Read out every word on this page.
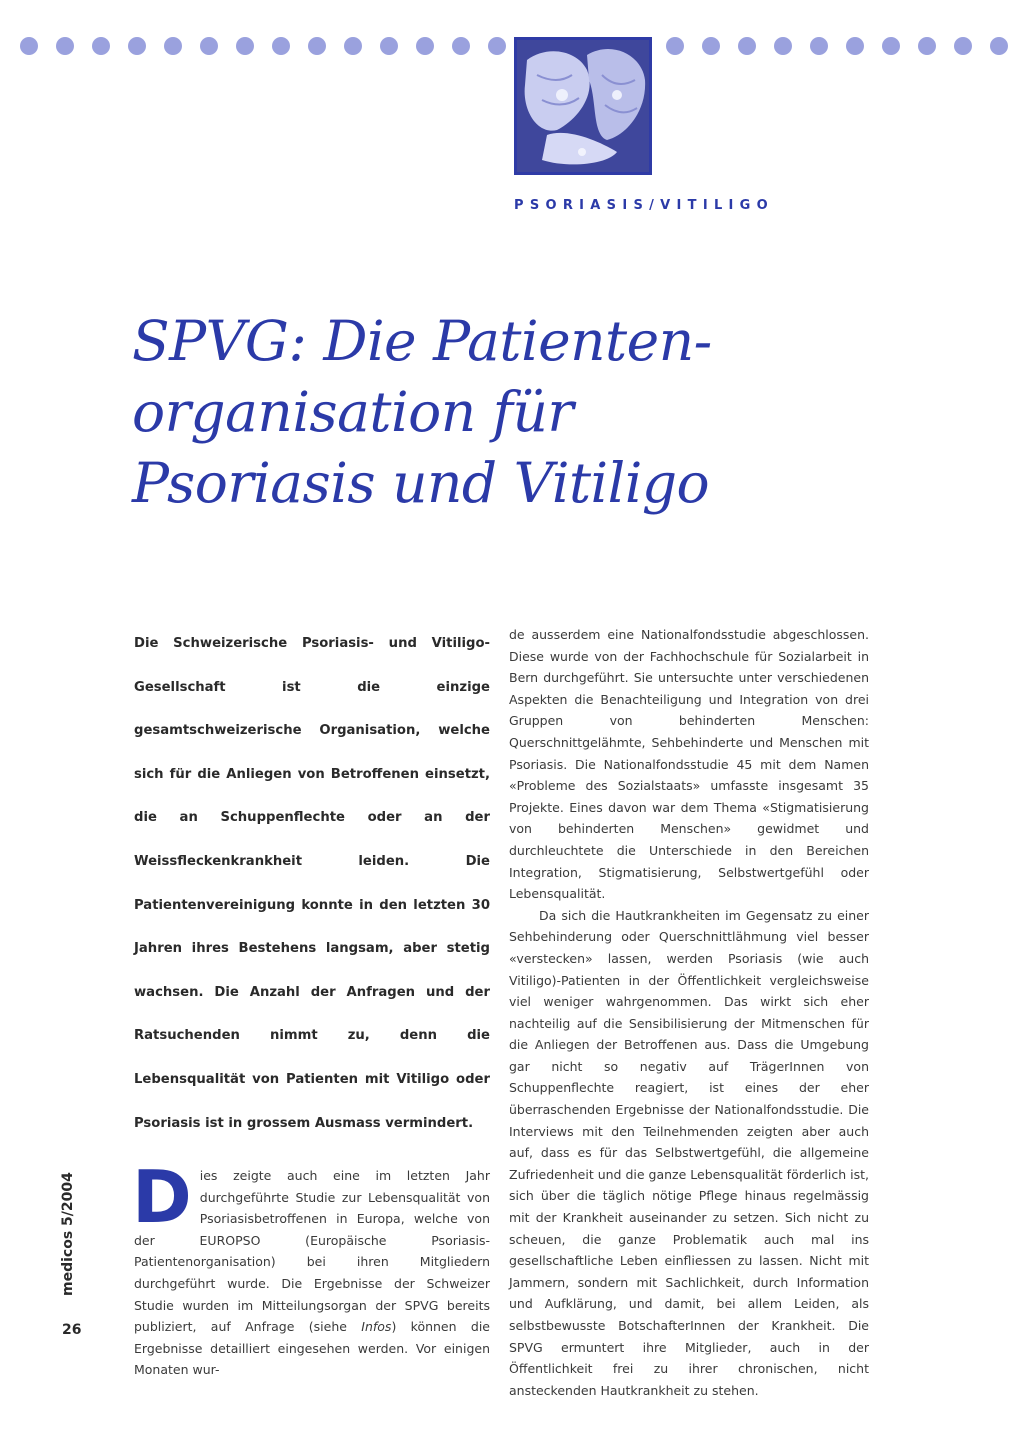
PSORIASIS/VITILIGO
SPVG: Die Patienten-
organisation für
Psoriasis und Vitiligo

Die Schweizerische Psoriasis- und Vitiligo-Gesellschaft ist die einzige gesamtschweizerische Organisation, welche sich für die Anliegen von Betroffenen einsetzt, die an Schuppenflechte oder an der Weissfleckenkrankheit leiden. Die Patientenvereinigung konnte in den letzten 30 Jahren ihres Bestehens langsam, aber stetig wachsen. Die Anzahl der Anfragen und der Ratsuchenden nimmt zu, denn die Lebensqualität von Patienten mit Vitiligo oder Psoriasis ist in grossem Ausmass vermindert.

Dies zeigte auch eine im letzten Jahr durchgeführte Studie zur Lebensqualität von Psoriasisbetroffenen in Europa, welche von der EUROPSO (Europäische Psoriasis-Patientenorganisation) bei ihren Mitgliedern durchgeführt wurde. Die Ergebnisse der Schweizer Studie wurden im Mitteilungsorgan der SPVG bereits publiziert, auf Anfrage (siehe Infos) können die Ergebnisse detailliert eingesehen werden. Vor einigen Monaten wur-

de ausserdem eine Nationalfondsstudie abgeschlossen. Diese wurde von der Fachhochschule für Sozialarbeit in Bern durchgeführt. Sie untersuchte unter verschiedenen Aspekten die Benachteiligung und Integration von drei Gruppen von behinderten Menschen: Querschnittgelähmte, Sehbehinderte und Menschen mit Psoriasis. Die Nationalfondsstudie 45 mit dem Namen «Probleme des Sozialstaats» umfasste insgesamt 35 Projekte. Eines davon war dem Thema «Stigmatisierung von behinderten Menschen» gewidmet und durchleuchtete die Unterschiede in den Bereichen Integration, Stigmatisierung, Selbstwertgefühl oder Lebensqualität.

Da sich die Hautkrankheiten im Gegensatz zu einer Sehbehinderung oder Querschnittlähmung viel besser «verstecken» lassen, werden Psoriasis (wie auch Vitiligo)-Patienten in der Öffentlichkeit vergleichsweise viel weniger wahrgenommen. Das wirkt sich eher nachteilig auf die Sensibilisierung der Mitmenschen für die Anliegen der Betroffenen aus. Dass die Umgebung gar nicht so negativ auf TrägerInnen von Schuppenflechte reagiert, ist eines der eher überraschenden Ergebnisse der Nationalfondsstudie. Die Interviews mit den Teilnehmenden zeigten aber auch auf, dass es für das Selbstwertgefühl, die allgemeine Zufriedenheit und die ganze Lebensqualität förderlich ist, sich über die täglich nötige Pflege hinaus regelmässig mit der Krankheit auseinander zu setzen. Sich nicht zu scheuen, die ganze Problematik auch mal ins gesellschaftliche Leben einfliessen zu lassen. Nicht mit Jammern, sondern mit Sachlichkeit, durch Information und Aufklärung, und damit, bei allem Leiden, als selbstbewusste BotschafterInnen der Krankheit. Die SPVG ermuntert ihre Mitglieder, auch in der Öffentlichkeit frei zu ihrer chronischen, nicht ansteckenden Hautkrankheit zu stehen.

medicos 5/2004
26
